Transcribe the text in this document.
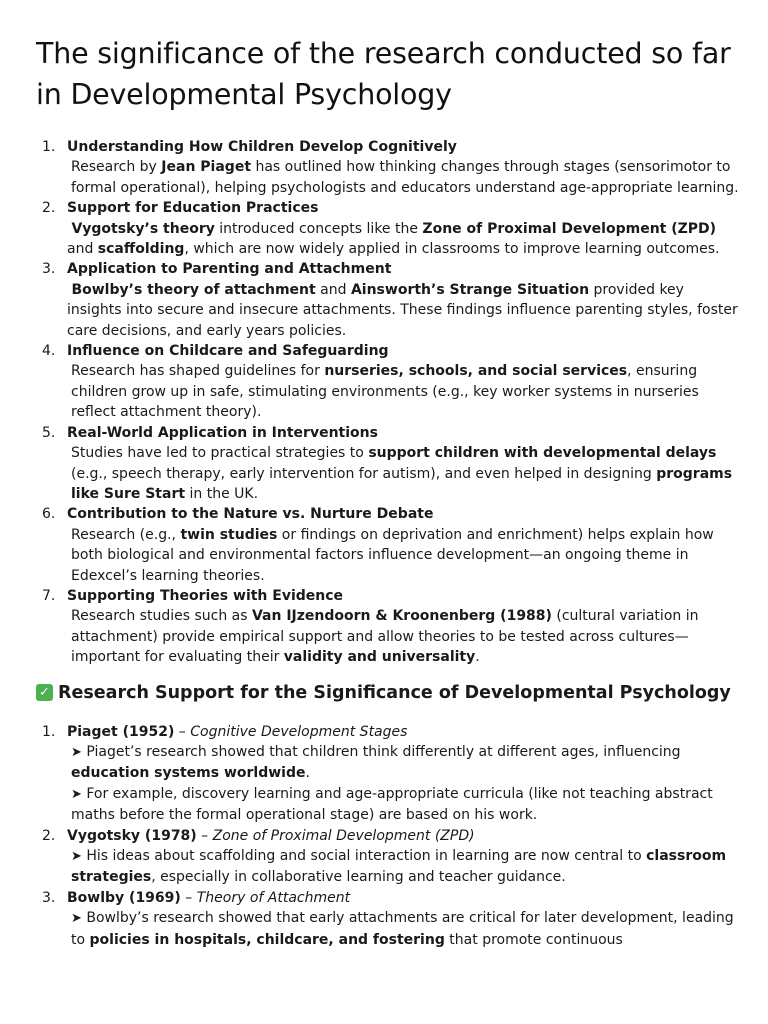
The significance of the research conducted so far in Developmental Psychology
1. Understanding How Children Develop Cognitively
Research by Jean Piaget has outlined how thinking changes through stages (sensorimotor to formal operational), helping psychologists and educators understand age-appropriate learning.
2. Support for Education Practices
Vygotsky’s theory introduced concepts like the Zone of Proximal Development (ZPD) and scaffolding, which are now widely applied in classrooms to improve learning outcomes.
3. Application to Parenting and Attachment
Bowlby’s theory of attachment and Ainsworth’s Strange Situation provided key insights into secure and insecure attachments. These findings influence parenting styles, foster care decisions, and early years policies.
4. Influence on Childcare and Safeguarding
Research has shaped guidelines for nurseries, schools, and social services, ensuring children grow up in safe, stimulating environments (e.g., key worker systems in nurseries reflect attachment theory).
5. Real-World Application in Interventions
Studies have led to practical strategies to support children with developmental delays (e.g., speech therapy, early intervention for autism), and even helped in designing programs like Sure Start in the UK.
6. Contribution to the Nature vs. Nurture Debate
Research (e.g., twin studies or findings on deprivation and enrichment) helps explain how both biological and environmental factors influence development—an ongoing theme in Edexcel’s learning theories.
7. Supporting Theories with Evidence
Research studies such as Van IJzendoorn & Kroonenberg (1988) (cultural variation in attachment) provide empirical support and allow theories to be tested across cultures—important for evaluating their validity and universality.
✓ Research Support for the Significance of Developmental Psychology
1. Piaget (1952) – Cognitive Development Stages
➤ Piaget’s research showed that children think differently at different ages, influencing education systems worldwide.
➤ For example, discovery learning and age-appropriate curricula (like not teaching abstract maths before the formal operational stage) are based on his work.
2. Vygotsky (1978) – Zone of Proximal Development (ZPD)
➤ His ideas about scaffolding and social interaction in learning are now central to classroom strategies, especially in collaborative learning and teacher guidance.
3. Bowlby (1969) – Theory of Attachment
➤ Bowlby’s research showed that early attachments are critical for later development, leading to policies in hospitals, childcare, and fostering that promote continuous
